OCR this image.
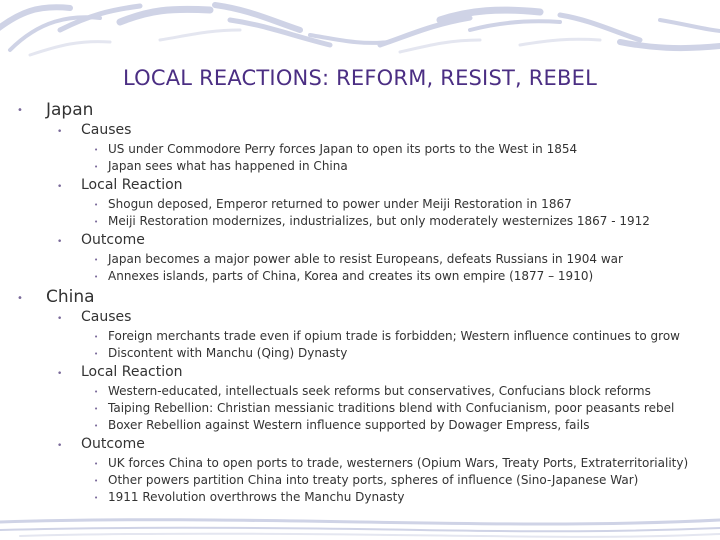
LOCAL REACTIONS: REFORM, RESIST, REBEL
• Japan
• Causes
• US under Commodore Perry forces Japan to open its ports to the West in 1854
• Japan sees what has happened in China
• Local Reaction
• Shogun deposed, Emperor returned to power under Meiji Restoration in 1867
• Meiji Restoration modernizes, industrializes, but only moderately westernizes 1867 - 1912
• Outcome
• Japan becomes a major power able to resist Europeans, defeats Russians in 1904 war
• Annexes islands, parts of China, Korea and creates its own empire (1877 – 1910)
• China
• Causes
• Foreign merchants trade even if opium trade is forbidden; Western influence continues to grow
• Discontent with Manchu (Qing) Dynasty
• Local Reaction
• Western-educated, intellectuals seek reforms but conservatives, Confucians block reforms
• Taiping Rebellion: Christian messianic traditions blend with Confucianism, poor peasants rebel
• Boxer Rebellion against Western influence supported by Dowager Empress, fails
• Outcome
• UK forces China to open ports to trade, westerners (Opium Wars, Treaty Ports, Extraterritoriality)
• Other powers partition China into treaty ports, spheres of influence (Sino-Japanese War)
• 1911 Revolution overthrows the Manchu Dynasty
